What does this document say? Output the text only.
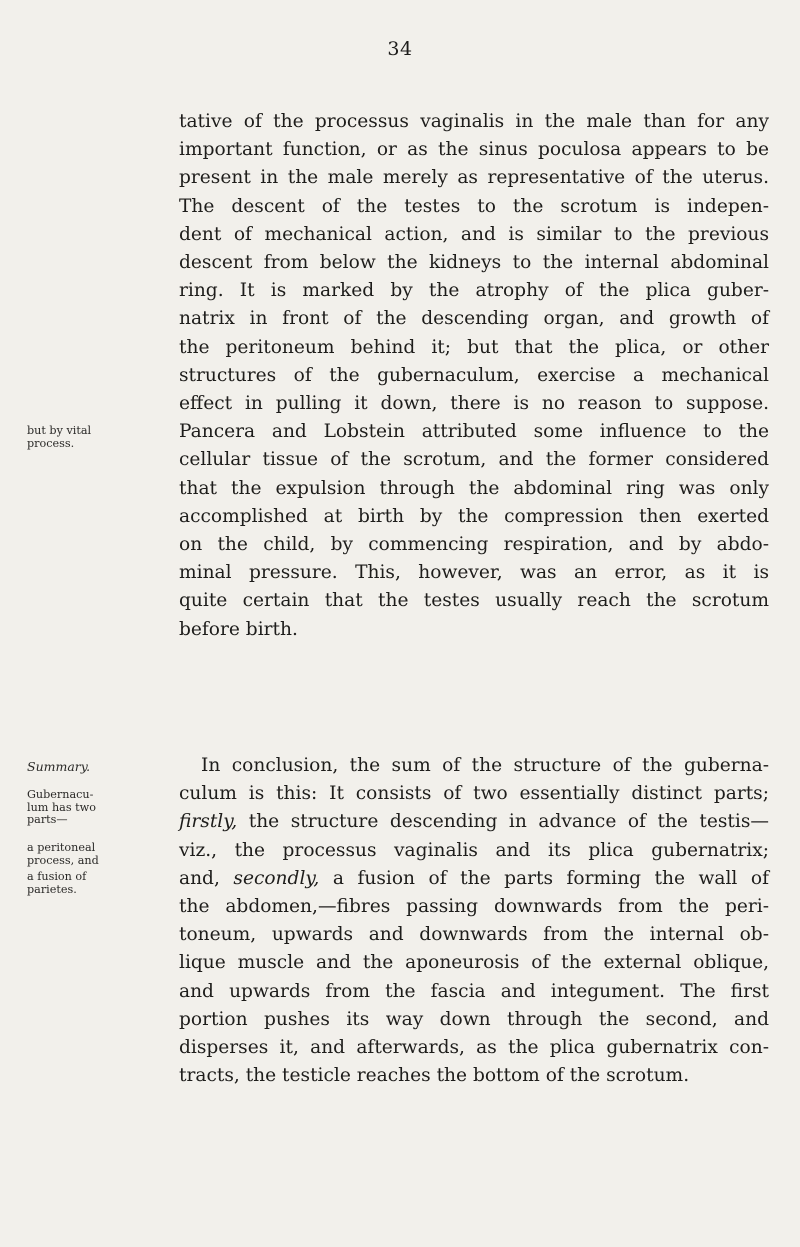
34
but by vital
process.
Summary.
Gubernacu-
lum has two
parts—
a peritoneal
process, and
a fusion of
parietes.
tative of the processus vaginalis in the male than for any
important function, or as the sinus poculosa appears to be
present in the male merely as representative of the uterus.
The descent of the testes to the scrotum is indepen-
dent of mechanical action, and is similar to the previous
descent from below the kidneys to the internal abdominal
ring. It is marked by the atrophy of the plica guber-
natrix in front of the descending organ, and growth of
the peritoneum behind it; but that the plica, or other
structures of the gubernaculum, exercise a mechanical
effect in pulling it down, there is no reason to suppose.
Pancera and Lobstein attributed some influence to the
cellular tissue of the scrotum, and the former considered
that the expulsion through the abdominal ring was only
accomplished at birth by the compression then exerted
on the child, by commencing respiration, and by abdo-
minal pressure. This, however, was an error, as it is
quite certain that the testes usually reach the scrotum
before birth.
In conclusion, the sum of the structure of the guberna-
culum is this: It consists of two essentially distinct parts;
firstly, the structure descending in advance of the testis—
viz., the processus vaginalis and its plica gubernatrix;
and, secondly, a fusion of the parts forming the wall of
the abdomen,—fibres passing downwards from the peri-
toneum, upwards and downwards from the internal ob-
lique muscle and the aponeurosis of the external oblique,
and upwards from the fascia and integument. The first
portion pushes its way down through the second, and
disperses it, and afterwards, as the plica gubernatrix con-
tracts, the testicle reaches the bottom of the scrotum.
